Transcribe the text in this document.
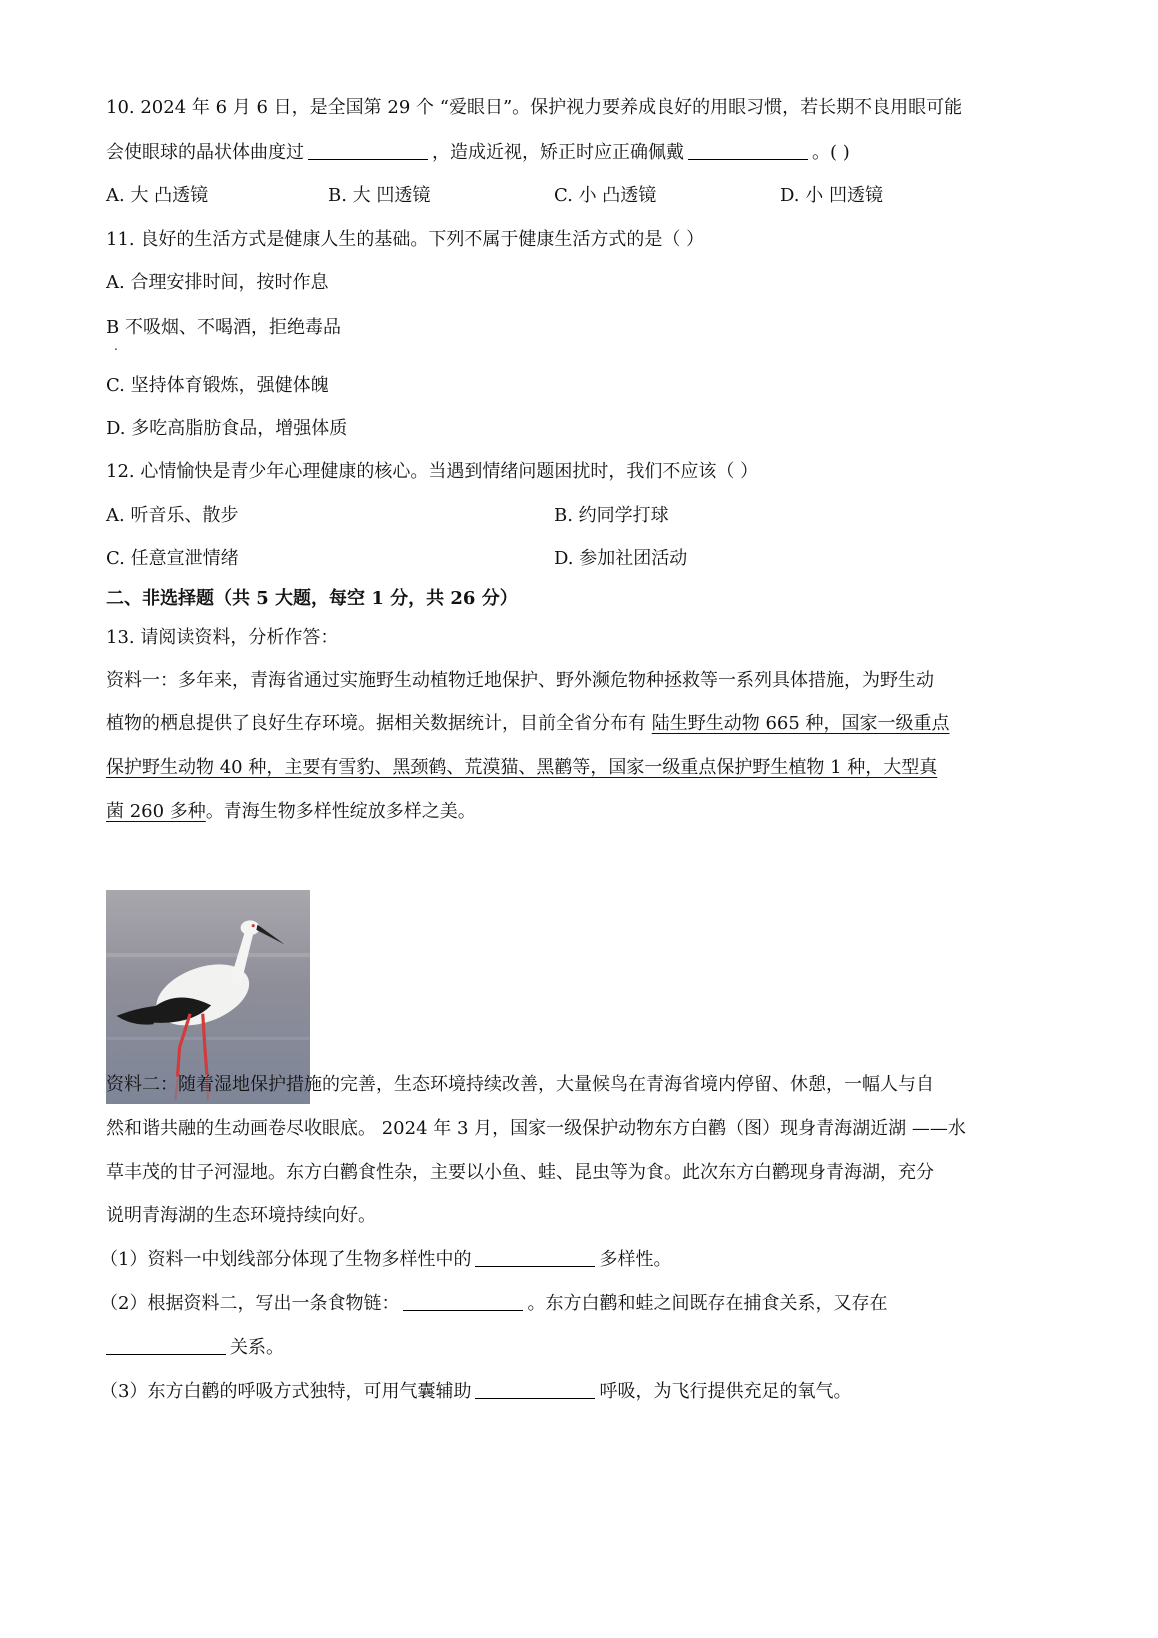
10. 2024 年 6 月 6 日，是全国第 29 个 “爱眼日”。保护视力要养成良好的用眼习惯，若长期不良用眼可能
会使眼球的晶状体曲度过	，造成近视，矫正时应正确佩戴	。( )
A. 大 凸透镜	B. 大 凹透镜	C. 小 凸透镜	D. 小 凹透镜
11. 良好的生活方式是健康人生的基础。下列不属于健康生活方式的是（ ）
A. 合理安排时间，按时作息
B 不吸烟、不喝酒，拒绝毒品
.
C. 坚持体育锻炼，强健体魄
D. 多吃高脂肪食品，增强体质
12. 心情愉快是青少年心理健康的核心。当遇到情绪问题困扰时，我们不应该（ ）
A. 听音乐、散步	B. 约同学打球
C. 任意宣泄情绪	D. 参加社团活动
二、非选择题（共 5 大题，每空 1 分，共 26 分）
13. 请阅读资料，分析作答：
资料一：多年来，青海省通过实施野生动植物迁地保护、野外濒危物种拯救等一系列具体措施，为野生动
植物的栖息提供了良好生存环境。据相关数据统计，目前全省分布有 陆生野生动物 665 种，国家一级重点
保护野生动物 40 种，主要有雪豹、黑颈鹤、荒漠猫、黑鹳等，国家一级重点保护野生植物 1 种，大型真
菌 260 多种。青海生物多样性绽放多样之美。
资料二：随着湿地保护措施的完善，生态环境持续改善，大量候鸟在青海省境内停留、休憩，一幅人与自
然和谐共融的生动画卷尽收眼底。 2024 年 3 月，国家一级保护动物东方白鹳（图）现身青海湖近湖 ——水
草丰茂的甘子河湿地。东方白鹳食性杂，主要以小鱼、蛙、昆虫等为食。此次东方白鹳现身青海湖，充分
说明青海湖的生态环境持续向好。
（1）资料一中划线部分体现了生物多样性中的	多样性。
（2）根据资料二，写出一条食物链：	。东方白鹳和蛙之间既存在捕食关系，又存在
关系。
（3）东方白鹳的呼吸方式独特，可用气囊辅助	呼吸，为飞行提供充足的氧气。
